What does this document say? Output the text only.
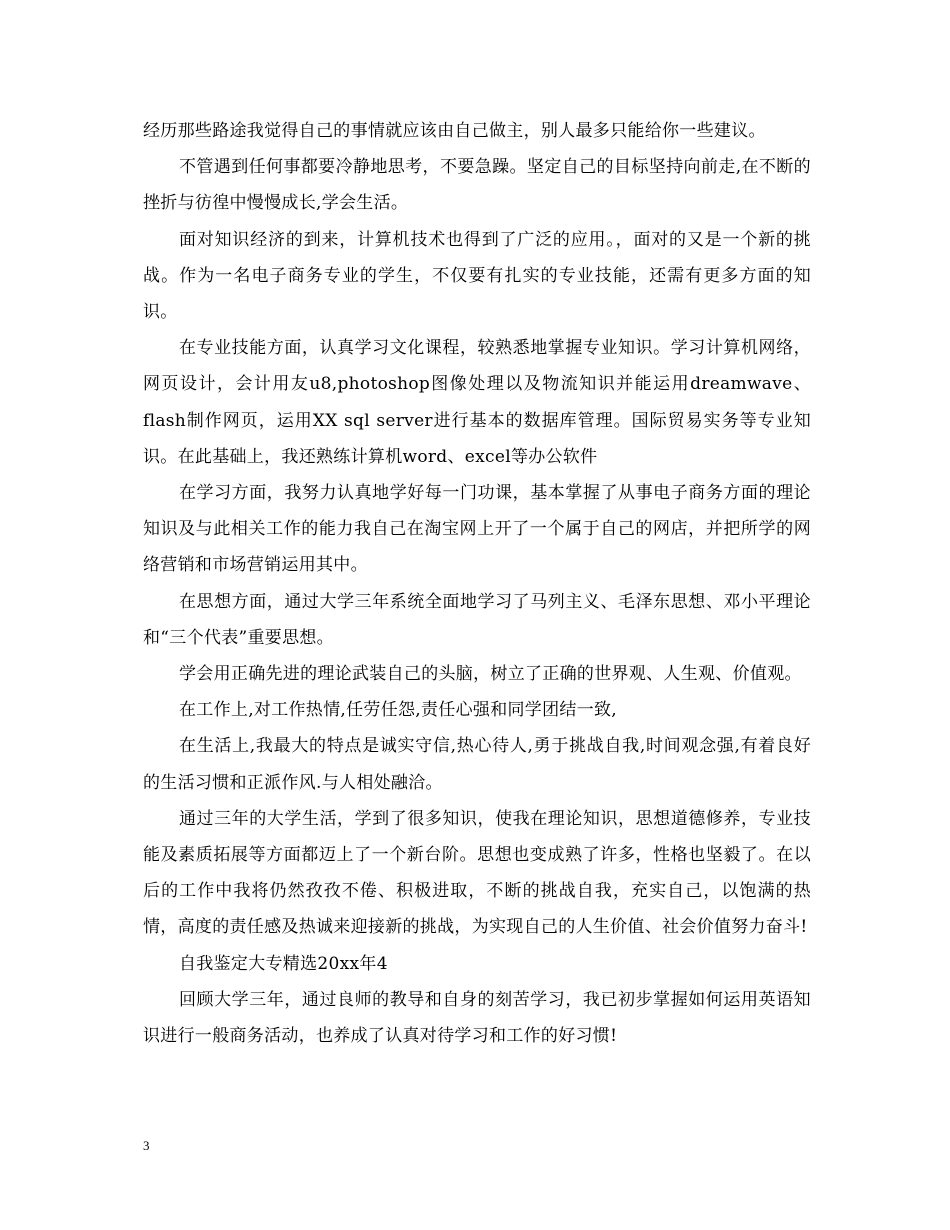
经历那些路途我觉得自己的事情就应该由自己做主，别人最多只能给你一些建议。

不管遇到任何事都要冷静地思考，不要急躁。坚定自己的目标坚持向前走,在不断的挫折与彷徨中慢慢成长,学会生活。

面对知识经济的到来，计算机技术也得到了广泛的应用。，面对的又是一个新的挑战。作为一名电子商务专业的学生，不仅要有扎实的专业技能，还需有更多方面的知识。

在专业技能方面，认真学习文化课程，较熟悉地掌握专业知识。学习计算机网络，网页设计，会计用友u8,photoshop图像处理以及物流知识并能运用dreamwave、flash制作网页，运用XX sql server进行基本的数据库管理。国际贸易实务等专业知识。在此基础上，我还熟练计算机word、excel等办公软件

在学习方面，我努力认真地学好每一门功课，基本掌握了从事电子商务方面的理论知识及与此相关工作的能力我自己在淘宝网上开了一个属于自己的网店，并把所学的网络营销和市场营销运用其中。

在思想方面，通过大学三年系统全面地学习了马列主义、毛泽东思想、邓小平理论和“三个代表”重要思想。

学会用正确先进的理论武装自己的头脑，树立了正确的世界观、人生观、价值观。

在工作上,对工作热情,任劳任怨,责任心强和同学团结一致,

在生活上,我最大的特点是诚实守信,热心待人,勇于挑战自我,时间观念强,有着良好的生活习惯和正派作风.与人相处融洽。

通过三年的大学生活，学到了很多知识，使我在理论知识，思想道德修养，专业技能及素质拓展等方面都迈上了一个新台阶。思想也变成熟了许多，性格也坚毅了。在以后的工作中我将仍然孜孜不倦、积极进取，不断的挑战自我，充实自己，以饱满的热情，高度的责任感及热诚来迎接新的挑战，为实现自己的人生价值、社会价值努力奋斗!

自我鉴定大专精选20xx年4

回顾大学三年，通过良师的教导和自身的刻苦学习，我已初步掌握如何运用英语知识进行一般商务活动，也养成了认真对待学习和工作的好习惯!

3
